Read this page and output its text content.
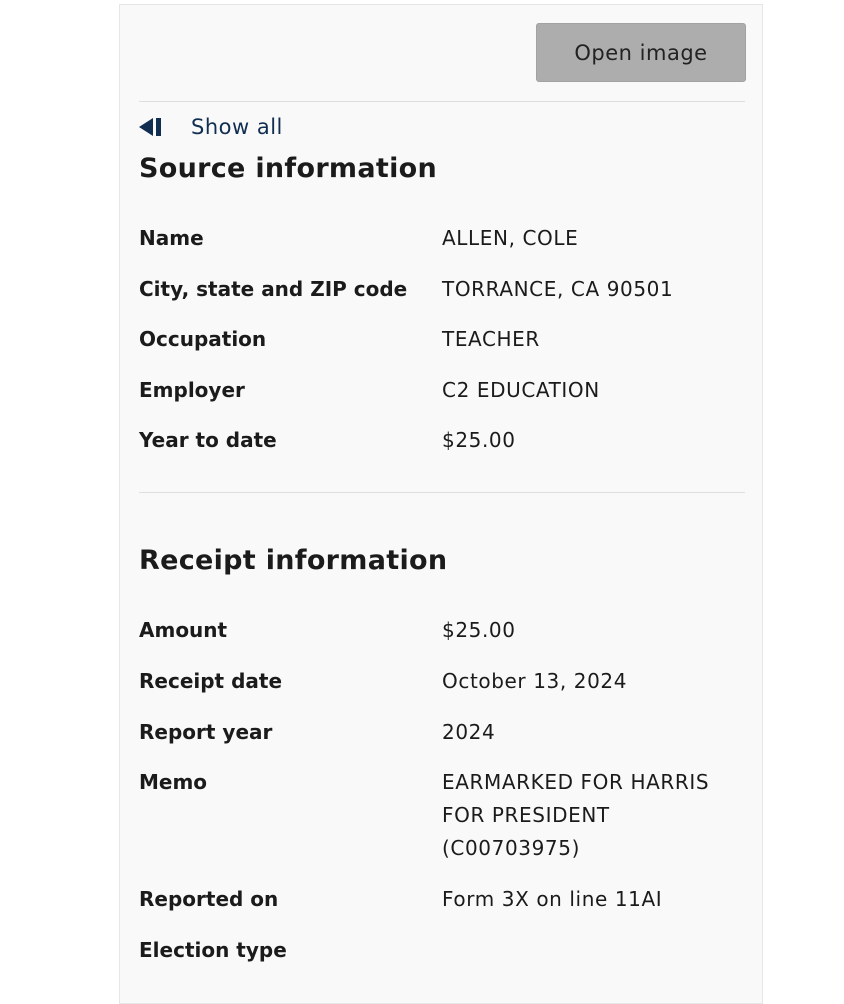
Open image
Show all
Source information
Name	ALLEN, COLE
City, state and ZIP code TORRANCE, CA 90501
Occupation	TEACHER
Employer	C2 EDUCATION
Year to date	$25.00
Receipt information
Amount	$25.00
Receipt date	October 13, 2024
Report year	2024
Memo	EARMARKED FOR HARRIS FOR PRESIDENT (C00703975)
Reported on	Form 3X on line 11AI
Election type
